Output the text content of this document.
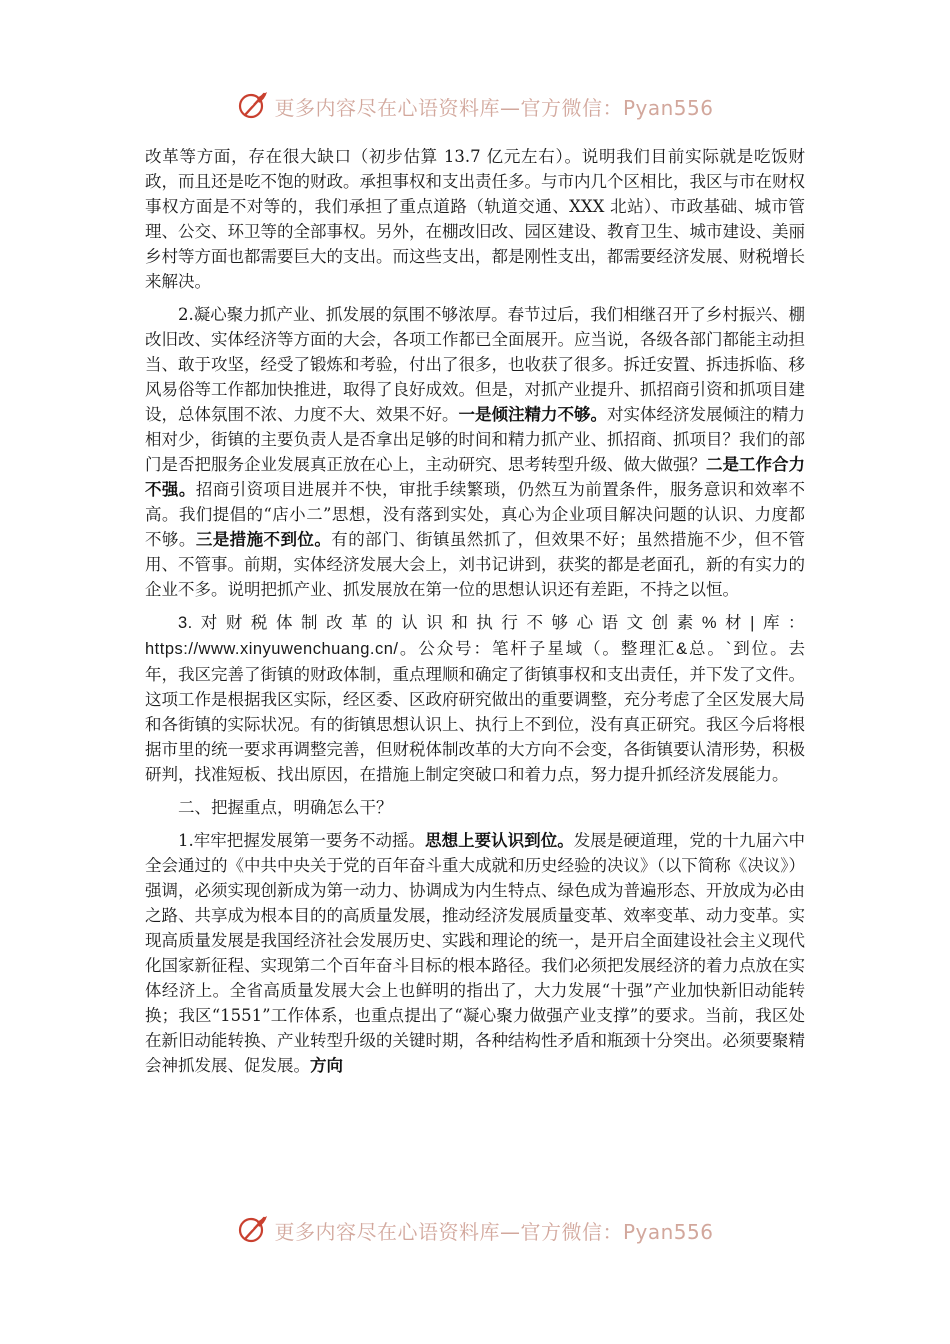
更多内容尽在心语资料库—官方微信：Pyan556

改革等方面，存在很大缺口（初步估算 13.7 亿元左右）。说明我们目前实际就是吃饭财政，而且还是吃不饱的财政。承担事权和支出责任多。与市内几个区相比，我区与市在财权事权方面是不对等的，我们承担了重点道路（轨道交通、XXX 北站）、市政基础、城市管理、公交、环卫等的全部事权。另外，在棚改旧改、园区建设、教育卫生、城市建设、美丽乡村等方面也都需要巨大的支出。而这些支出，都是刚性支出，都需要经济发展、财税增长来解决。

2.凝心聚力抓产业、抓发展的氛围不够浓厚。春节过后，我们相继召开了乡村振兴、棚改旧改、实体经济等方面的大会，各项工作都已全面展开。应当说，各级各部门都能主动担当、敢于攻坚，经受了锻炼和考验，付出了很多，也收获了很多。拆迁安置、拆违拆临、移风易俗等工作都加快推进，取得了良好成效。但是，对抓产业提升、抓招商引资和抓项目建设，总体氛围不浓、力度不大、效果不好。一是倾注精力不够。对实体经济发展倾注的精力相对少，街镇的主要负责人是否拿出足够的时间和精力抓产业、抓招商、抓项目？我们的部门是否把服务企业发展真正放在心上，主动研究、思考转型升级、做大做强？二是工作合力不强。招商引资项目进展并不快，审批手续繁琐，仍然互为前置条件，服务意识和效率不高。我们提倡的“店小二”思想，没有落到实处，真心为企业项目解决问题的认识、力度都不够。三是措施不到位。有的部门、街镇虽然抓了，但效果不好；虽然措施不少，但不管用、不管事。前期，实体经济发展大会上，刘书记讲到，获奖的都是老面孔，新的有实力的企业不多。说明把抓产业、抓发展放在第一位的思想认识还有差距，不持之以恒。

3.对财税体制改革的认识和执行不够心语文创素%材|库：https://www.xinyuwenchuang.cn/。公众号：笔杆子星域（。整理汇&总。`到位。去年，我区完善了街镇的财政体制，重点理顺和确定了街镇事权和支出责任，并下发了文件。这项工作是根据我区实际，经区委、区政府研究做出的重要调整，充分考虑了全区发展大局和各街镇的实际状况。有的街镇思想认识上、执行上不到位，没有真正研究。我区今后将根据市里的统一要求再调整完善，但财税体制改革的大方向不会变，各街镇要认清形势，积极研判，找准短板、找出原因，在措施上制定突破口和着力点，努力提升抓经济发展能力。

二、把握重点，明确怎么干？

1.牢牢把握发展第一要务不动摇。思想上要认识到位。发展是硬道理，党的十九届六中全会通过的《中共中央关于党的百年奋斗重大成就和历史经验的决议》（以下简称《决议》）强调，必须实现创新成为第一动力、协调成为内生特点、绿色成为普遍形态、开放成为必由之路、共享成为根本目的的高质量发展，推动经济发展质量变革、效率变革、动力变革。实现高质量发展是我国经济社会发展历史、实践和理论的统一，是开启全面建设社会主义现代化国家新征程、实现第二个百年奋斗目标的根本路径。我们必须把发展经济的着力点放在实体经济上。全省高质量发展大会上也鲜明的指出了，大力发展“十强”产业加快新旧动能转换；我区“1551”工作体系，也重点提出了“凝心聚力做强产业支撑”的要求。当前，我区处在新旧动能转换、产业转型升级的关键时期，各种结构性矛盾和瓶颈十分突出。必须要聚精会神抓发展、促发展。方向

更多内容尽在心语资料库—官方微信：Pyan556
